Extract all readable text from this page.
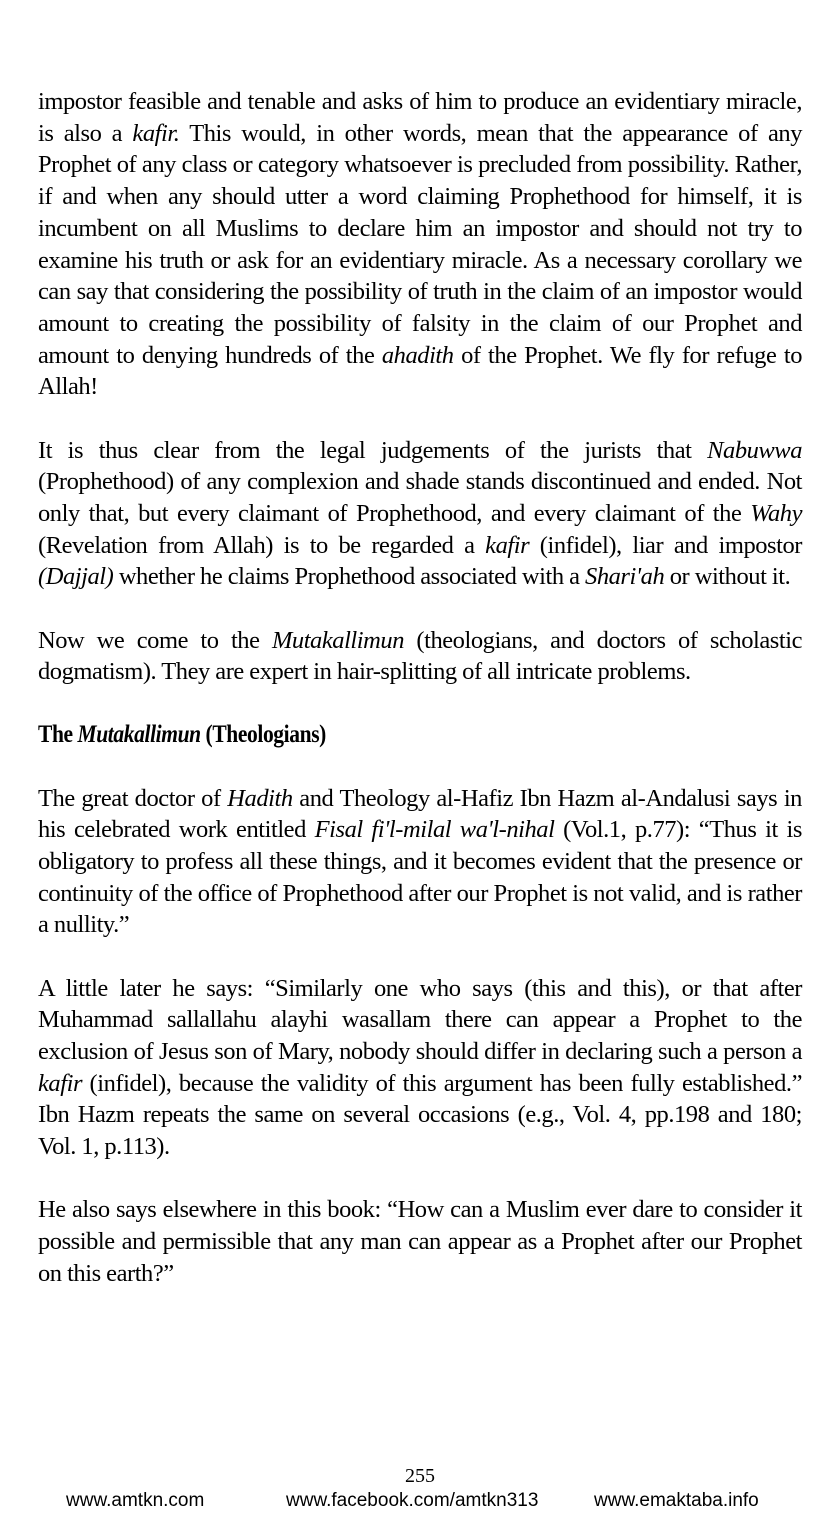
impostor feasible and tenable and asks of him to produce an evidentiary miracle, is also a kafir. This would, in other words, mean that the appearance of any Prophet of any class or category whatsoever is precluded from possibility. Rather, if and when any should utter a word claiming Prophethood for himself, it is incumbent on all Muslims to declare him an impostor and should not try to examine his truth or ask for an evidentiary miracle. As a necessary corollary we can say that considering the possibility of truth in the claim of an impostor would amount to creating the possibility of falsity in the claim of our Prophet and amount to denying hundreds of the ahadith of the Prophet. We fly for refuge to Allah!

It is thus clear from the legal judgements of the jurists that Nabuwwa (Prophethood) of any complexion and shade stands discontinued and ended. Not only that, but every claimant of Prophethood, and every claimant of the Wahy (Revelation from Allah) is to be regarded a kafir (infidel), liar and impostor (Dajjal) whether he claims Prophethood associated with a Shari'ah or without it.

Now we come to the Mutakallimun (theologians, and doctors of scholastic dogmatism). They are expert in hair-splitting of all intricate problems.

The Mutakallimun (Theologians)

The great doctor of Hadith and Theology al-Hafiz Ibn Hazm al-Andalusi says in his celebrated work entitled Fisal fi'l-milal wa'l-nihal (Vol.1, p.77): “Thus it is obligatory to profess all these things, and it becomes evident that the presence or continuity of the office of Prophethood after our Prophet is not valid, and is rather a nullity.”

A little later he says: “Similarly one who says (this and this), or that after Muhammad sallallahu alayhi wasallam there can appear a Prophet to the exclusion of Jesus son of Mary, nobody should differ in declaring such a person a kafir (infidel), because the validity of this argument has been fully established.” Ibn Hazm repeats the same on several occasions (e.g., Vol. 4, pp.198 and 180; Vol. 1, p.113).

He also says elsewhere in this book: “How can a Muslim ever dare to consider it possible and permissible that any man can appear as a Prophet after our Prophet on this earth?”

255
www.amtkn.com	www.facebook.com/amtkn313	www.emaktaba.info
